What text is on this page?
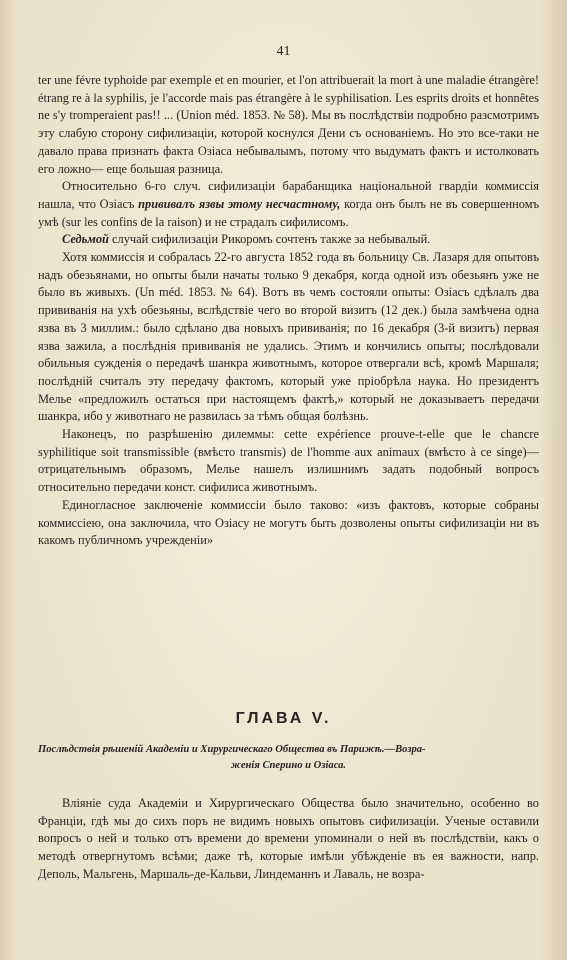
41

ter une févre typhoide par exemple et en mourier, et l'on attribuerait la mort à une maladie étrangère! étrang re à la syphilis, je l'accorde mais pas étrangère à le syphilisation. Les esprits droits et honnêtes ne s'y tromperaient pas!! ... (Union méd. 1853. № 58). Мы въ послѣдствіи подробно разсмотримъ эту слабую сторону сифилизаціи, которой коснулся Дени съ основаніемъ. Но это все-таки не давало права признать факта Озіаса небывалымъ, потому что выдумать фактъ и истолковать его ложно— еще большая разница.

Относительно 6-го случ. сифилизаціи барабанщика національной гвардіи коммиссія нашла, что Озіасъ прививалъ язвы этому несчастному, когда онъ былъ не въ совершенномъ умѣ (sur les confins de la raison) и не страдалъ сифилисомъ.

Седьмой случай сифилизаціи Рикоромъ сочтенъ также за небывалый.

Хотя коммиссія и собралась 22-го августа 1852 года въ больницу Св. Лазаря для опытовъ надъ обезьянами, но опыты были начаты только 9 декабря, когда одной изъ обезьянъ уже не было въ живыхъ. (Un méd. 1853. № 64). Вотъ въ чемъ состояли опыты: Озіасъ сдѣлалъ два прививанія на ухѣ обезьяны, вслѣдствіе чего во второй визитъ (12 дек.) была замѣчена одна язва въ 3 миллим.: было сдѣлано два новыхъ прививанія; по 16 декабря (3-й визитъ) первая язва зажила, а послѣднія прививанія не удались. Этимъ и кончились опыты; послѣдовали обильныя сужденія о передачѣ шанкра животнымъ, которое отвергали всѣ, кромѣ Маршаля; послѣдній считалъ эту передачу фактомъ, который уже пріобрѣла наука. Но президентъ Мелье «предложилъ остаться при настоящемъ фактѣ,» который не доказываетъ передачи шанкра, ибо у животнаго не развилась за тѣмъ общая болѣзнь.

Наконецъ, по разрѣшенію дилеммы: cette expérience prouve-t-elle que le chancre syphilitique soit transmissible (вмѣсто transmis) de l'homme aux animaux (вмѣсто à ce singe)—отрицательнымъ образомъ, Мелье нашелъ излишнимъ задать подобный вопросъ относительно передачи конст. сифилиса животнымъ.

Единогласное заключеніе коммиссіи было таково: «изъ фактовъ, которые собраны коммиссіею, она заключила, что Озіасу не могутъ быть дозволены опыты сифилизаціи ни въ какомъ публичномъ учрежденіи»

ГЛАВА V.
Послѣдствія рѣшеній Академіи и Хирургическаго Общества въ Парижѣ.—Возра-
женія Сперино и Озіаса.

Вліяніе суда Академіи и Хирургическаго Общества было значительно, особенно во Франціи, гдѣ мы до сихъ поръ не видимъ новыхъ опытовъ сифилизаціи. Ученые оставили вопросъ о ней и только отъ времени до времени упоминали о ней въ послѣдствіи, какъ о методѣ отвергнутомъ всѣми; даже тѣ, которые имѣли убѣжденіе въ ея важности, напр. Деполь, Мальгень, Маршаль-де-Кальви, Линдеманнъ и Лаваль, не возра-
